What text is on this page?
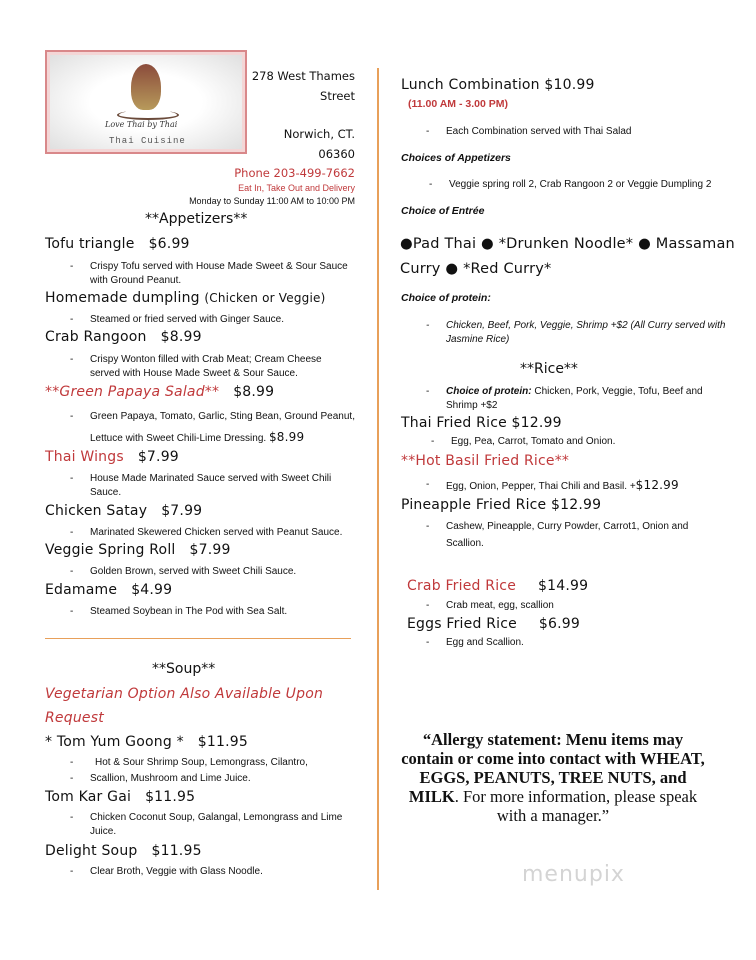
Love Thai by Thai
Thai Cuisine
278 West Thames
Street
Norwich, CT.
06360
Phone 203-499-7662
Eat In, Take Out and Delivery
Monday to Sunday 11:00 AM to 10:00 PM
**Appetizers**
Tofu triangle $6.99
- Crispy Tofu served with House Made Sweet & Sour Sauce with Ground Peanut.
Homemade dumpling (Chicken or Veggie)
- Steamed or fried served with Ginger Sauce.
Crab Rangoon $8.99
- Crispy Wonton filled with Crab Meat; Cream Cheese served with House Made Sweet & Sour Sauce.
**Green Papaya Salad** $8.99
- Green Papaya, Tomato, Garlic, Sting Bean, Ground Peanut, Lettuce with Sweet Chili-Lime Dressing. $8.99
Thai Wings $7.99
- House Made Marinated Sauce served with Sweet Chili Sauce.
Chicken Satay $7.99
- Marinated Skewered Chicken served with Peanut Sauce.
Veggie Spring Roll $7.99
- Golden Brown, served with Sweet Chili Sauce.
Edamame $4.99
- Steamed Soybean in The Pod with Sea Salt.
**Soup**
Vegetarian Option Also Available Upon
Request
* Tom Yum Goong * $11.95
- Hot & Sour Shrimp Soup, Lemongrass, Cilantro,
- Scallion, Mushroom and Lime Juice.
Tom Kar Gai $11.95
- Chicken Coconut Soup, Galangal, Lemongrass and Lime Juice.
Delight Soup $11.95
- Clear Broth, Veggie with Glass Noodle.
Lunch Combination $10.99
(11.00 AM - 3.00 PM)
- Each Combination served with Thai Salad
Choices of Appetizers
- Veggie spring roll 2, Crab Rangoon 2 or Veggie Dumpling 2
Choice of Entrée
●Pad Thai ● *Drunken Noodle* ● Massaman Curry ● *Red Curry*
Choice of protein:
- Chicken, Beef, Pork, Veggie, Shrimp +$2 (All Curry served with Jasmine Rice)
**Rice**
- Choice of protein: Chicken, Pork, Veggie, Tofu, Beef and Shrimp +$2
Thai Fried Rice $12.99
- Egg, Pea, Carrot, Tomato and Onion.
**Hot Basil Fried Rice**
- Egg, Onion, Pepper, Thai Chili and Basil. +$12.99
Pineapple Fried Rice $12.99
- Cashew, Pineapple, Curry Powder, Carrot1, Onion and Scallion.
Crab Fried Rice $14.99
- Crab meat, egg, scallion
Eggs Fried Rice $6.99
- Egg and Scallion.
“Allergy statement: Menu items may contain or come into contact with WHEAT, EGGS, PEANUTS, TREE NUTS, and MILK. For more information, please speak with a manager.”
menupix
